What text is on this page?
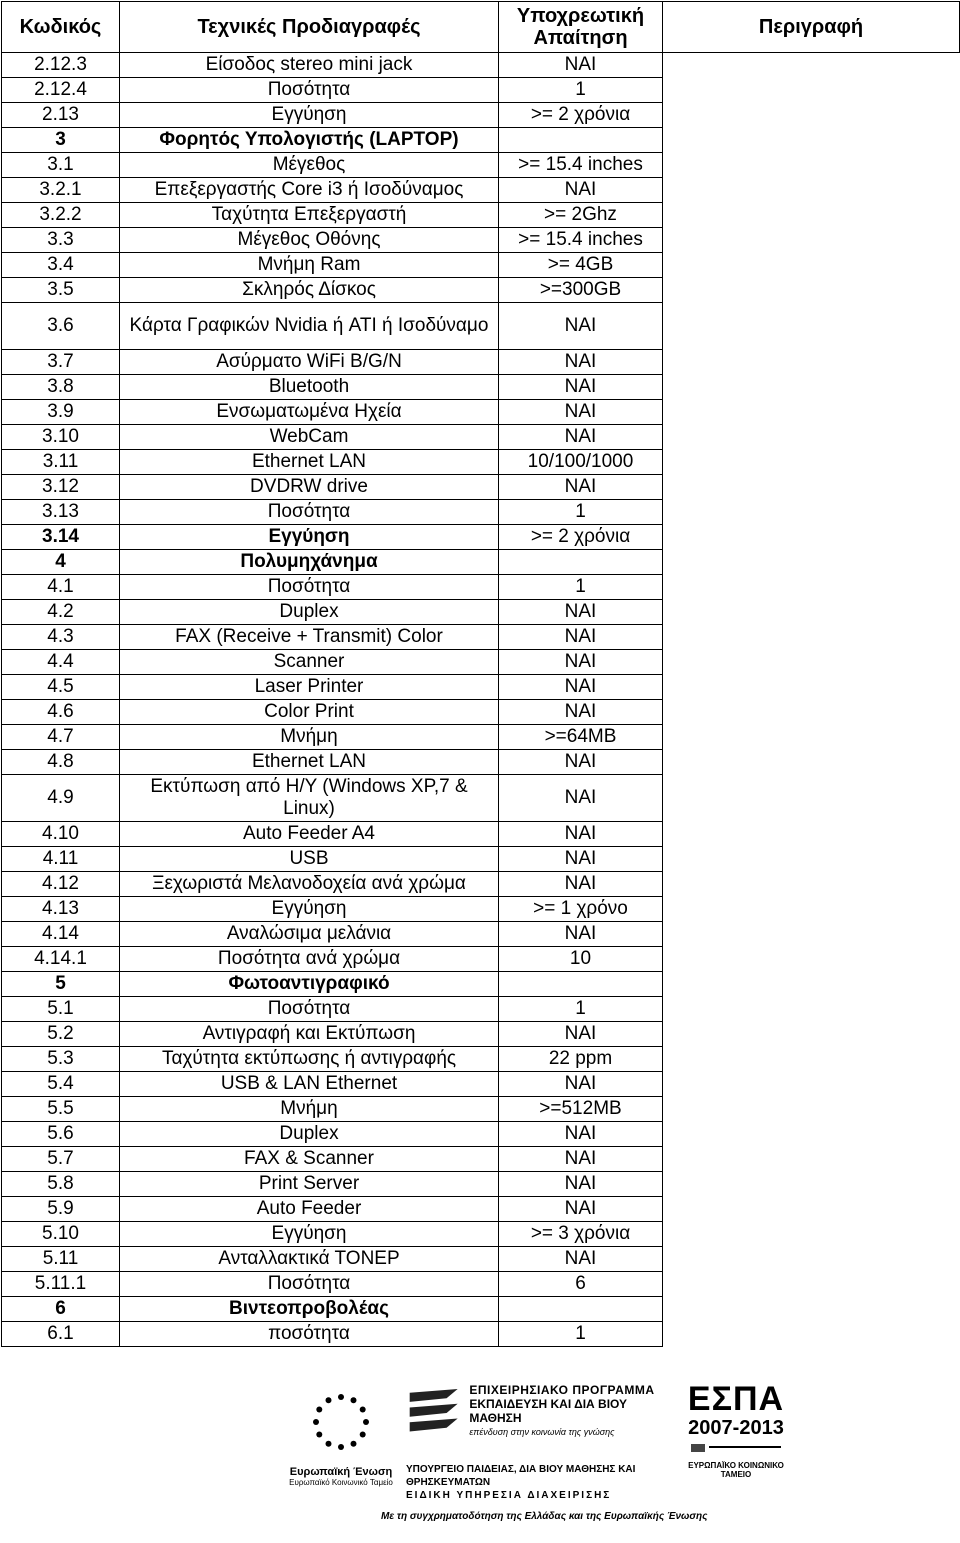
Κωδικός	Τεχνικές Προδιαγραφές	Υποχρεωτική Απαίτηση	Περιγραφή
2.12.3	Είσοδος stereo mini jack	ΝΑΙ	
2.12.4	Ποσότητα	1	
2.13	Εγγύηση	>= 2 χρόνια	
3	Φορητός Υπολογιστής (LAPTOP)		
3.1	Μέγεθος	>= 15.4 inches	
3.2.1	Επεξεργαστής Core i3 ή Ισοδύναμος	ΝΑΙ	
3.2.2	Ταχύτητα Επεξεργαστή	>= 2Ghz	
3.3	Μέγεθος Οθόνης	>= 15.4 inches	
3.4	Μνήμη Ram	>= 4GB	
3.5	Σκληρός Δίσκος	>=300GB	
3.6	Κάρτα Γραφικών Nvidia ή ATI ή Ισοδύναμο	ΝΑΙ	
3.7	Ασύρματο WiFi B/G/N	ΝΑΙ	
3.8	Bluetooth	ΝΑΙ	
3.9	Ενσωματωμένα Ηχεία	ΝΑΙ	
3.10	WebCam	ΝΑΙ	
3.11	Ethernet LAN	10/100/1000	
3.12	DVDRW drive	ΝΑΙ	
3.13	Ποσότητα	1	
3.14	Εγγύηση	>= 2 χρόνια	
4	Πολυμηχάνημα		
4.1	Ποσότητα	1	
4.2	Duplex	ΝΑΙ	
4.3	FAX (Receive + Transmit) Color	ΝΑΙ	
4.4	Scanner	ΝΑΙ	
4.5	Laser Printer	ΝΑΙ	
4.6	Color Print	ΝΑΙ	
4.7	Μνήμη	>=64MB	
4.8	Ethernet LAN	ΝΑΙ	
4.9	Εκτύπωση από Η/Υ (Windows XP,7 & Linux)	ΝΑΙ	
4.10	Auto Feeder A4	ΝΑΙ	
4.11	USB	ΝΑΙ	
4.12	Ξεχωριστά Μελανοδοχεία ανά χρώμα	ΝΑΙ	
4.13	Εγγύηση	>= 1 χρόνο	
4.14	Αναλώσιμα μελάνια	ΝΑΙ	
4.14.1	Ποσότητα ανά χρώμα	10	
5	Φωτοαντιγραφικό		
5.1	Ποσότητα	1	
5.2	Αντιγραφή και Εκτύπωση	ΝΑΙ	
5.3	Ταχύτητα εκτύπωσης ή αντιγραφής	22 ppm	
5.4	USB & LAN Ethernet	ΝΑΙ	
5.5	Μνήμη	>=512MB	
5.6	Duplex	ΝΑΙ	
5.7	FAX & Scanner	ΝΑΙ	
5.8	Print Server	ΝΑΙ	
5.9	Auto Feeder	ΝΑΙ	
5.10	Εγγύηση	>= 3 χρόνια	
5.11	Ανταλλακτικά ΤΟΝΕΡ	ΝΑΙ	
5.11.1	Ποσότητα	6	
6	Βιντεοπροβολέας		
6.1	ποσότητα	1	
Ευρωπαϊκή Ένωση
Ευρωπαϊκό Κοινωνικό Ταμείο
ΕΠΙΧΕΙΡΗΣΙΑΚΟ ΠΡΟΓΡΑΜΜΑ
ΕΚΠΑΙΔΕΥΣΗ ΚΑΙ ΔΙΑ ΒΙΟΥ ΜΑΘΗΣΗ
επένδυση στην κοινωνία της γνώσης
ΥΠΟΥΡΓΕΙΟ ΠΑΙΔΕΙΑΣ, ΔΙΑ ΒΙΟΥ ΜΑΘΗΣΗΣ ΚΑΙ ΘΡΗΣΚΕΥΜΑΤΩΝ
ΕΙΔΙΚΗ ΥΠΗΡΕΣΙΑ ΔΙΑΧΕΙΡΙΣΗΣ
ΕΣΠΑ
2007-2013
ΕΥΡΩΠΑΪΚΟ ΚΟΙΝΩΝΙΚΟ ΤΑΜΕΙΟ
Με τη συγχρηματοδότηση της Ελλάδας και της Ευρωπαϊκής Ένωσης
